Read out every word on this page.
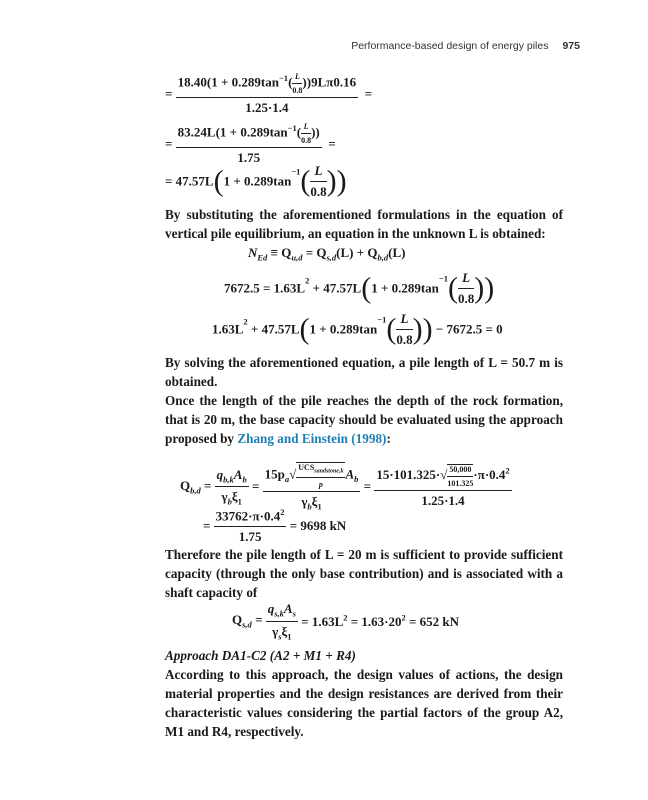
Performance-based design of energy piles 975
= $\frac{18.40(1 + 0.289\tan^{-1}( \frac{L}{0.8} ))9L\pi 0.16}{1.25\cdot 1.4}$ =
= $\frac{83.24L(1 + 0.289\tan^{-1}( \frac{L}{0.8} ))}{1.75}$ =
= $47.57L(1 + 0.289\tan^{-1}( \frac{L}{0.8}$ ))
By substituting the aforementioned formulations in the equation of vertical pile equilibrium, an equation in the unknown L is obtained:
$N_{Ed} \equiv Q_{u,d} = Q_{s,d}(L) + Q_{b,d}(L)$
$7672.5 = 1.63L^2 + 47.57L(1 + 0.289\tan^{-1}( \frac{L}{0.8}$ ))
$1.63L^2 + 47.57L(1 + 0.289\tan^{-1}( \frac{L}{0.8}$ )) − 7672.5 = 0
By solving the aforementioned equation, a pile length of L = 50.7 m is obtained.
Once the length of the pile reaches the depth of the rock formation, that is 20 m, the base capacity should be evaluated using the approach proposed by Zhang and Einstein (1998):
$Q_{b,d} = \frac{q_{b,k}A_b}{\gamma_b\xi_1} = \frac{15p_a√ \frac{UCS_{sandstone,k}}{p} A_b}{\gamma_b\xi_1} = \frac{15\cdot 101.325\cdot√ \frac{50,000}{101.325} \cdot\pi\cdot 0.4^2}{1.25\cdot 1.4}$
= $\frac{33762\cdot\pi\cdot 0.4^2}{1.75} = 9698$ kN
Therefore the pile length of L = 20 m is sufficient to provide sufficient capacity (through the only base contribution) and is associated with a shaft capacity of
$Q_{s,d} = \frac{q_{s,k}A_s}{\gamma_s\xi_1} = 1.63L^2 = 1.63\cdot 20^2 = 652$ kN
Approach DA1-C2 (A2 + M1 + R4)
According to this approach, the design values of actions, the design material properties and the design resistances are derived from their characteristic values considering the partial factors of the group A2, M1 and R4, respectively.
